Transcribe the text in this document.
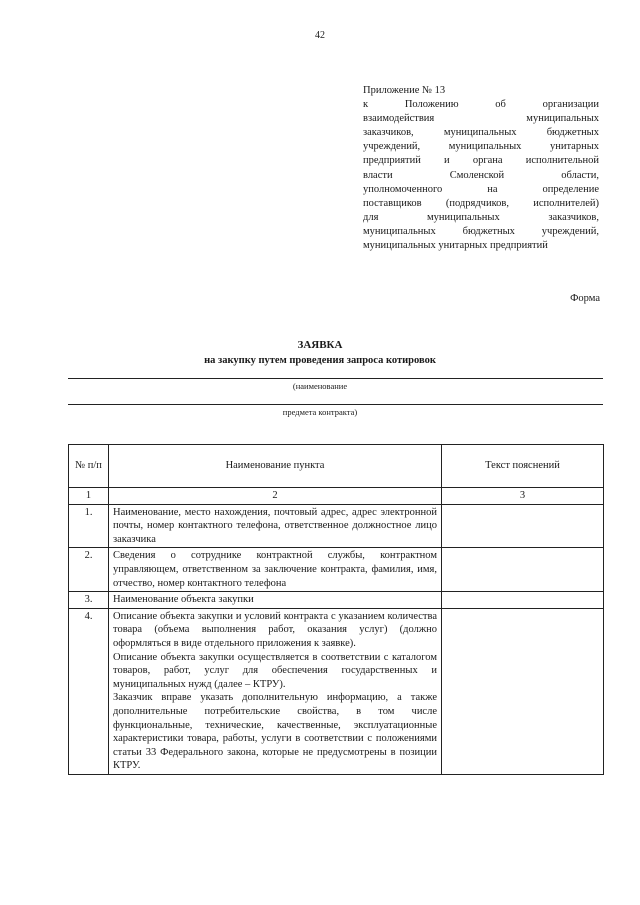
42
Приложение № 13
к Положению об организации
взаимодействия муниципальных
заказчиков, муниципальных бюджетных
учреждений, муниципальных унитарных
предприятий и органа исполнительной
власти Смоленской области,
уполномоченного на определение
поставщиков (подрядчиков, исполнителей)
для муниципальных заказчиков,
муниципальных бюджетных учреждений,
муниципальных унитарных предприятий
Форма
ЗАЯВКА
на закупку путем проведения запроса котировок
(наименование
предмета контракта)
№ п/п	Наименование пункта	Текст пояснений
1	2	3
1.	Наименование, место нахождения, почтовый адрес, адрес электронной почты, номер контактного телефона, ответственное должностное лицо заказчика	
2.	Сведения о сотруднике контрактной службы, контрактном управляющем, ответственном за заключение контракта, фамилия, имя, отчество, номер контактного телефона	
3.	Наименование объекта закупки	
4.	Описание объекта закупки и условий контракта с указанием количества товара (объема выполнения работ, оказания услуг) (должно оформляться в виде отдельного приложения к заявке).
Описание объекта закупки осуществляется в соответствии с каталогом товаров, работ, услуг для обеспечения государственных и муниципальных нужд (далее – КТРУ).
Заказчик вправе указать дополнительную информацию, а также дополнительные потребительские свойства, в том числе функциональные, технические, качественные, эксплуатационные характеристики товара, работы, услуги в соответствии с положениями статьи 33 Федерального закона, которые не предусмотрены в позиции КТРУ.	
